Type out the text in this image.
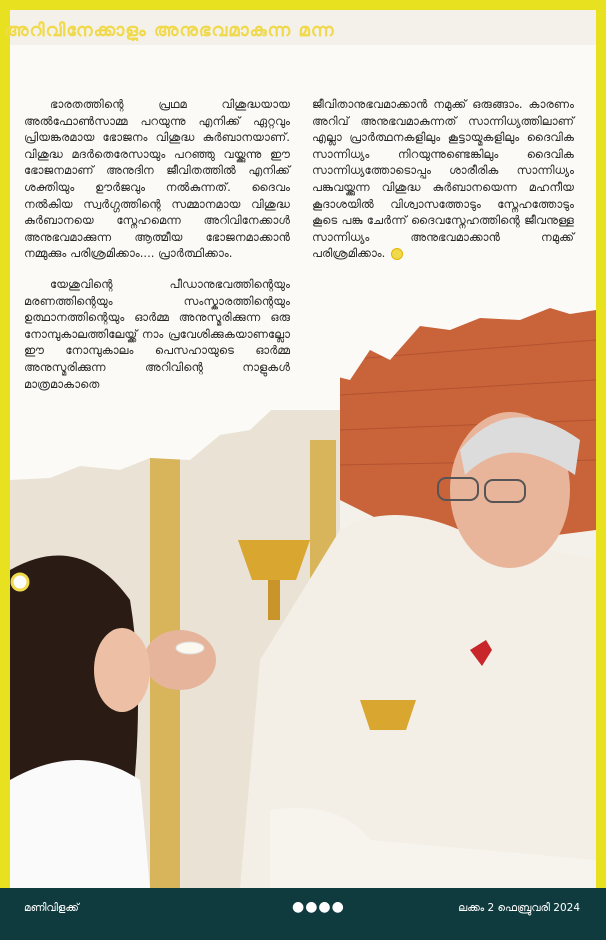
അറിവിനേക്കാളും അനുഭവമാകുന്ന മന്ന

ഭാരതത്തിന്റെ പ്രഥമ വിശുദ്ധയായ അൽഫോൺസാമ്മ പറയുന്നു എനിക്ക് ഏറ്റവും പ്രിയങ്കരമായ ഭോജനം വിശുദ്ധ കുർബാനയാണ്. വിശുദ്ധ മദർതെരേസായും പറഞ്ഞു വയ്ക്കുന്നു ഈ ഭോജനമാണ് അനുദിന ജീവിതത്തിൽ എനിക്ക് ശക്തിയും ഊർജവും നൽകുന്നത്. ദൈവം നൽകിയ സ്വർഗ്ഗത്തിന്റെ സമ്മാനമായ വിശുദ്ധ കുർബാനയെ സ്നേഹമെന്ന അറിവിനേക്കാൾ അനുഭവമാക്കുന്ന ആത്മീയ ഭോജനമാക്കാൻ നമ്മുക്കും പരിശ്രമിക്കാം.... പ്രാർത്ഥിക്കാം.

യേശുവിന്റെ പീഡാനുഭവത്തിന്റെയും മരണത്തിന്റെയും സംസ്കാരത്തിന്റെയും ഉത്ഥാനത്തിന്റെയും ഓർമ്മ അനുസ്മരിക്കുന്ന ഒരു നോമ്പുകാലത്തിലേയ്ക്ക് നാം പ്രവേശിക്കുകയാണല്ലോ ഈ നോമ്പുകാലം പെസഹായുടെ ഓർമ്മ അനുസ്മരിക്കുന്ന അറിവിന്റെ നാളുകൾ മാത്രമാകാതെ

ജീവിതാനുഭവമാക്കാൻ നമുക്ക് ഒരുങ്ങാം. കാരണം അറിവ് അനുഭവമാകുന്നത് സാന്നിധ്യത്തിലാണ് എല്ലാ പ്രാർത്ഥനകളിലും കൂട്ടായ്മകളിലും ദൈവിക സാന്നിധ്യം നിറയുന്നുണ്ടെങ്കിലും ദൈവിക സാന്നിധ്യത്തോടൊപ്പം ശാരീരിക സാന്നിധ്യം പങ്കുവയ്ക്കുന്ന വിശുദ്ധ കുർബാനയെന്ന മഹനീയ കൂദാശയിൽ വിശ്വാസത്തോടും സ്നേഹത്തോടും കൂടെ പങ്കു ചേർന്ന് ദൈവസ്നേഹത്തിന്റെ ജീവനുള്ള സാന്നിധ്യം അനുഭവമാക്കാൻ നമുക്ക് പരിശ്രമിക്കാം.

മണിവിളക്ക്	●●●●	ലക്കം 2 ഫെബ്രുവരി 2024
